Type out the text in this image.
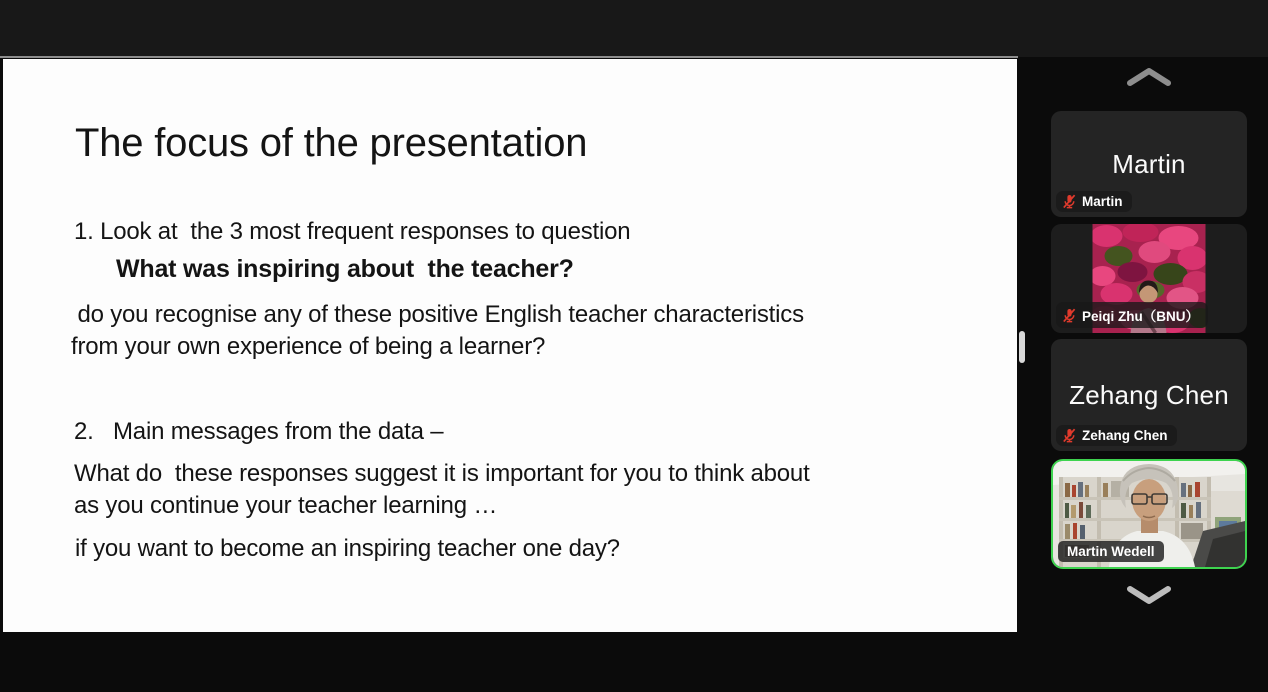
The focus of the presentation
1. Look at  the 3 most frequent responses to question
What was inspiring about  the teacher?
do you recognise any of these positive English teacher characteristics
from your own experience of being a learner?
2.   Main messages from the data –
What do  these responses suggest it is important for you to think about
as you continue your teacher learning …
if you want to become an inspiring teacher one day?
Martin
Martin
Peiqi Zhu（BNU）
Zehang Chen
Zehang Chen
Martin Wedell
